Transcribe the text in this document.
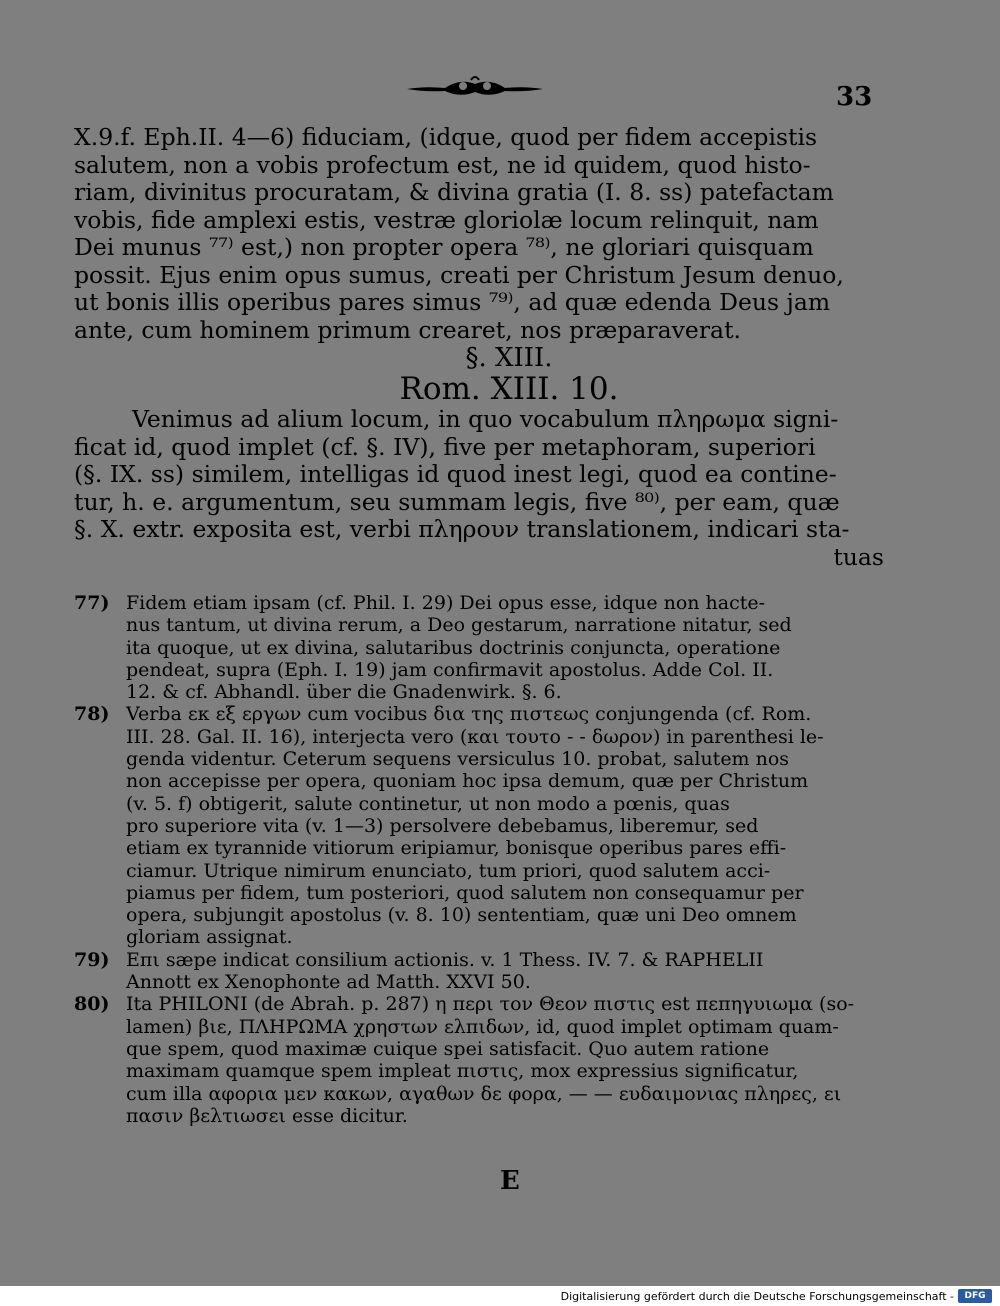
33
X.9.f. Eph.II. 4—6) fiduciam, (idque, quod per fidem accepistis
salutem, non a vobis profectum est, ne id quidem, quod histo-
riam, divinitus procuratam, & divina gratia (I. 8. ss) patefactam
vobis, fide amplexi estis, vestræ gloriolæ locum relinquit, nam
Dei munus ⁷⁷⁾ est,) non propter opera ⁷⁸⁾, ne gloriari quisquam
possit. Ejus enim opus sumus, creati per Christum Jesum denuo,
ut bonis illis operibus pares simus ⁷⁹⁾, ad quæ edenda Deus jam
ante, cum hominem primum crearet, nos præparaverat.
§. XIII.
Rom. XIII. 10.
Venimus ad alium locum, in quo vocabulum πληρωμα signi-
ficat id, quod implet (cf. §. IV), five per metaphoram, superiori
(§. IX. ss) similem, intelligas id quod inest legi, quod ea contine-
tur, h. e. argumentum, seu summam legis, five ⁸⁰⁾, per eam, quæ
§. X. extr. exposita est, verbi πληρουν translationem, indicari sta-
tuas
77) Fidem etiam ipsam (cf. Phil. I. 29) Dei opus esse, idque non hacte-
nus tantum, ut divina rerum, a Deo gestarum, narratione nitatur, sed
ita quoque, ut ex divina, salutaribus doctrinis conjuncta, operatione
pendeat, supra (Eph. I. 19) jam confirmavit apostolus. Adde Col. II.
12. & cf. Abhandl. über die Gnadenwirk. §. 6.
78) Verba εκ εξ εργων cum vocibus δια της πιστεως conjungenda (cf. Rom.
III. 28. Gal. II. 16), interjecta vero (και τουτο - - δωρον) in parenthesi le-
genda videntur. Ceterum sequens versiculus 10. probat, salutem nos
non accepisse per opera, quoniam hoc ipsa demum, quæ per Christum
(v. 5. f) obtigerit, salute continetur, ut non modo a pœnis, quas
pro superiore vita (v. 1—3) persolvere debebamus, liberemur, sed
etiam ex tyrannide vitiorum eripiamur, bonisque operibus pares effi-
ciamur. Utrique nimirum enunciato, tum priori, quod salutem acci-
piamus per fidem, tum posteriori, quod salutem non consequamur per
opera, subjungit apostolus (v. 8. 10) sententiam, quæ uni Deo omnem
gloriam assignat.
79) Επι sæpe indicat consilium actionis. v. 1 Thess. IV. 7. & RAPHELII
Annott ex Xenophonte ad Matth. XXVI 50.
80) Ita PHILONI (de Abrah. p. 287) η περι τον Θεον πιστις est πεπηγυιωμα (so-
lamen) βιε, ΠΛΗΡΩΜΑ χρηστων ελπιδων, id, quod implet optimam quam-
que spem, quod maximæ cuique spei satisfacit. Quo autem ratione
maximam quamque spem impleat πιστις, mox expressius significatur,
cum illa αφορια μεν κακων, αγαθων δε φορα, — — ευδαιμονιας πληρες, ει
πασιν βελτιωσει esse dicitur.
E
Digitalisierung gefördert durch die Deutsche Forschungsgemeinschaft -	DFG
